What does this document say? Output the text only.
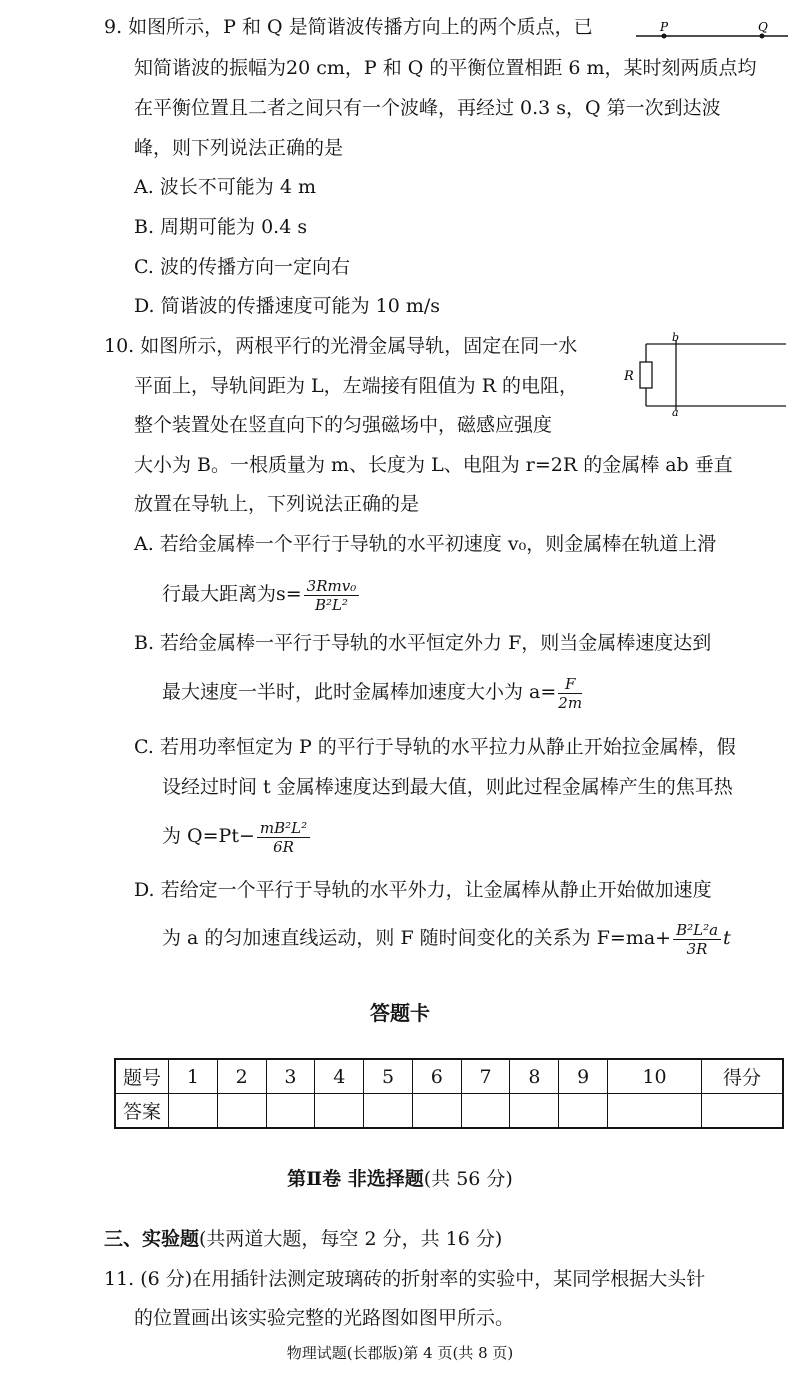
9. 如图所示，P 和 Q 是简谐波传播方向上的两个质点，已	P	Q
知简谐波的振幅为20 cm，P 和 Q 的平衡位置相距 6 m，某时刻两质点均
在平衡位置且二者之间只有一个波峰，再经过 0.3 s，Q 第一次到达波
峰，则下列说法正确的是
A. 波长不可能为 4 m
B. 周期可能为 0.4 s
C. 波的传播方向一定向右
D. 简谐波的传播速度可能为 10 m/s
10. 如图所示，两根平行的光滑金属导轨，固定在同一水
R
b
a
平面上，导轨间距为 L，左端接有阻值为 R 的电阻，
整个装置处在竖直向下的匀强磁场中，磁感应强度
大小为 B。一根质量为 m、长度为 L、电阻为 r=2R 的金属棒 ab 垂直
放置在导轨上，下列说法正确的是
A. 若给金属棒一个平行于导轨的水平初速度 v₀，则金属棒在轨道上滑
行最大距离为$s= \frac{\text{3Rmv₀}}{\text{B²L²}}$
B. 若给金属棒一平行于导轨的水平恒定外力 F，则当金属棒速度达到
最大速度一半时，此时金属棒加速度大小为 $a= \frac{F}{2m}$
C. 若用功率恒定为 P 的平行于导轨的水平拉力从静止开始拉金属棒，假
设经过时间 t 金属棒速度达到最大值，则此过程金属棒产生的焦耳热
为 $Q=Pt- \frac{\text{mB²L²}}{6R}$
D. 若给定一个平行于导轨的水平外力，让金属棒从静止开始做加速度
为 a 的匀加速直线运动，则 F 随时间变化的关系为 $F=ma+ \frac{\text{B²L²a}}{3R}$ t
答题卡
题号	1	2	3	4	5	6	7	8	9	10	得分
答案											
第Ⅱ卷 非选择题(共 56 分)
三、实验题(共两道大题，每空 2 分，共 16 分)
11. (6 分)在用插针法测定玻璃砖的折射率的实验中，某同学根据大头针
的位置画出该实验完整的光路图如图甲所示。
物理试题(长郡版)第 4 页(共 8 页)
